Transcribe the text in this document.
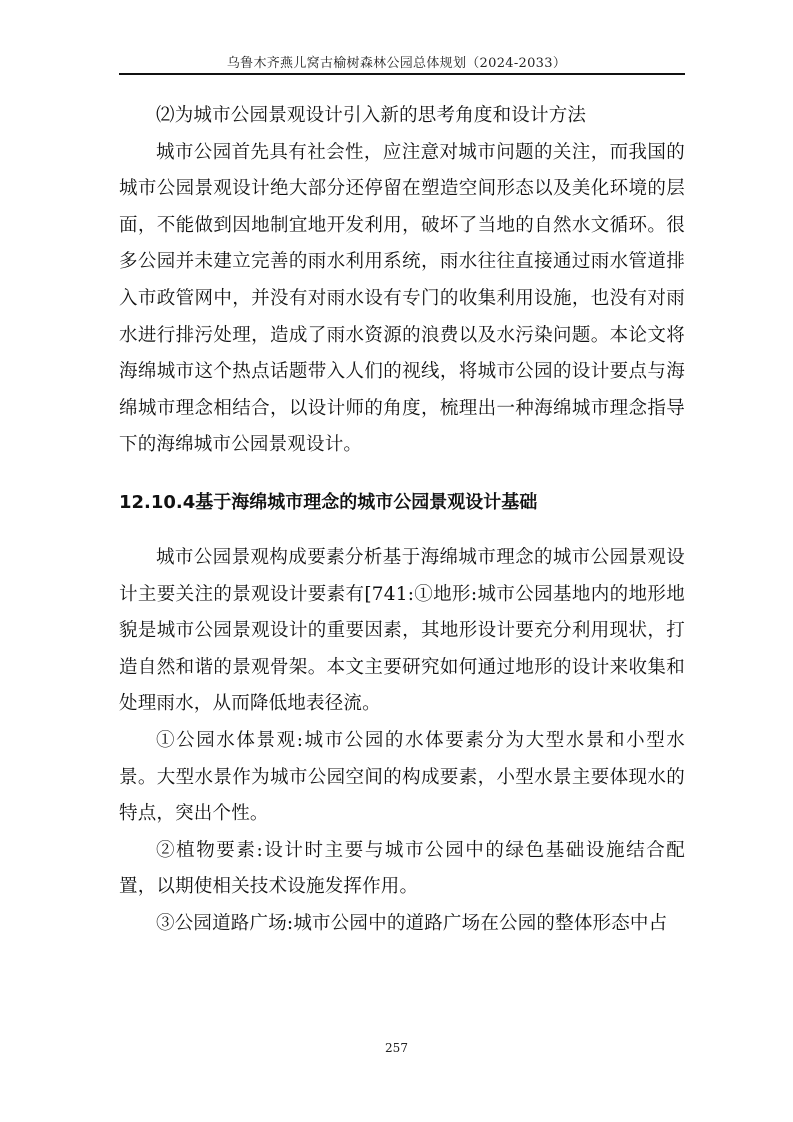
乌鲁木齐燕儿窝古榆树森林公园总体规划（2024-2033）

⑵为城市公园景观设计引入新的思考角度和设计方法

城市公园首先具有社会性，应注意对城市问题的关注，而我国的城市公园景观设计绝大部分还停留在塑造空间形态以及美化环境的层面，不能做到因地制宜地开发利用，破坏了当地的自然水文循环。很多公园并未建立完善的雨水利用系统，雨水往往直接通过雨水管道排入市政管网中，并没有对雨水设有专门的收集利用设施，也没有对雨水进行排污处理，造成了雨水资源的浪费以及水污染问题。本论文将海绵城市这个热点话题带入人们的视线，将城市公园的设计要点与海绵城市理念相结合，以设计师的角度，梳理出一种海绵城市理念指导下的海绵城市公园景观设计。

12.10.4基于海绵城市理念的城市公园景观设计基础

城市公园景观构成要素分析基于海绵城市理念的城市公园景观设计主要关注的景观设计要素有[741:①地形:城市公园基地内的地形地貌是城市公园景观设计的重要因素，其地形设计要充分利用现状，打造自然和谐的景观骨架。本文主要研究如何通过地形的设计来收集和处理雨水，从而降低地表径流。

①公园水体景观:城市公园的水体要素分为大型水景和小型水景。大型水景作为城市公园空间的构成要素，小型水景主要体现水的特点，突出个性。

②植物要素:设计时主要与城市公园中的绿色基础设施结合配置，以期使相关技术设施发挥作用。

③公园道路广场:城市公园中的道路广场在公园的整体形态中占

257
